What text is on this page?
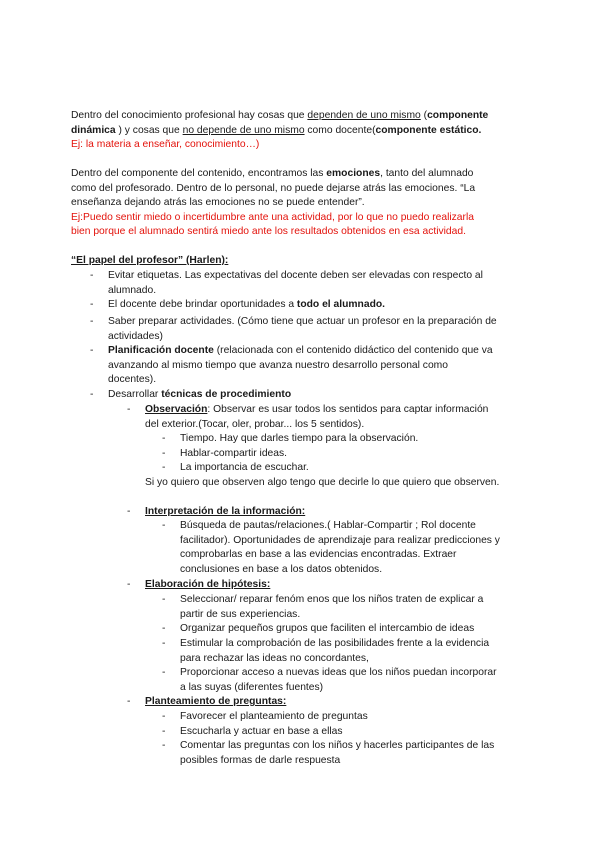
Dentro del conocimiento profesional hay cosas que dependen de uno mismo (componente
dinámica ) y cosas que no depende de uno mismo como docente(componente estático.
Ej: la materia a enseñar, conocimiento…)

Dentro del componente del contenido, encontramos las emociones, tanto del alumnado
como del profesorado. Dentro de lo personal, no puede dejarse atrás las emociones. “La
enseñanza dejando atrás las emociones no se puede entender”.
Ej:Puedo sentir miedo o incertidumbre ante una actividad, por lo que no puedo realizarla
bien porque el alumnado sentirá miedo ante los resultados obtenidos en esa actividad.

“El papel del profesor” (Harlen):

- Evitar etiquetas. Las expectativas del docente deben ser elevadas con respecto al
alumnado.

- El docente debe brindar oportunidades a todo el alumnado.

- Saber preparar actividades. (Cómo tiene que actuar un profesor en la preparación de
actividades)

- Planificación docente (relacionada con el contenido didáctico del contenido que va
avanzando al mismo tiempo que avanza nuestro desarrollo personal como
docentes).

- Desarrollar técnicas de procedimiento

- Observación: Observar es usar todos los sentidos para captar información
del exterior.(Tocar, oler, probar... los 5 sentidos).

- Tiempo. Hay que darles tiempo para la observación.

- Hablar-compartir ideas.

- La importancia de escuchar.

Si yo quiero que observen algo tengo que decirle lo que quiero que observen.

- Interpretación de la información:

- Búsqueda de pautas/relaciones.( Hablar-Compartir ; Rol docente
facilitador). Oportunidades de aprendizaje para realizar predicciones y
comprobarlas en base a las evidencias encontradas. Extraer
conclusiones en base a los datos obtenidos.

- Elaboración de hipótesis:

- Seleccionar/ reparar fenóm enos que los niños traten de explicar a
partir de sus experiencias.

- Organizar pequeños grupos que faciliten el intercambio de ideas

- Estimular la comprobación de las posibilidades frente a la evidencia
para rechazar las ideas no concordantes,

- Proporcionar acceso a nuevas ideas que los niños puedan incorporar
a las suyas (diferentes fuentes)

- Planteamiento de preguntas:

- Favorecer el planteamiento de preguntas

- Escucharla y actuar en base a ellas

- Comentar las preguntas con los niños y hacerles participantes de las
posibles formas de darle respuesta
